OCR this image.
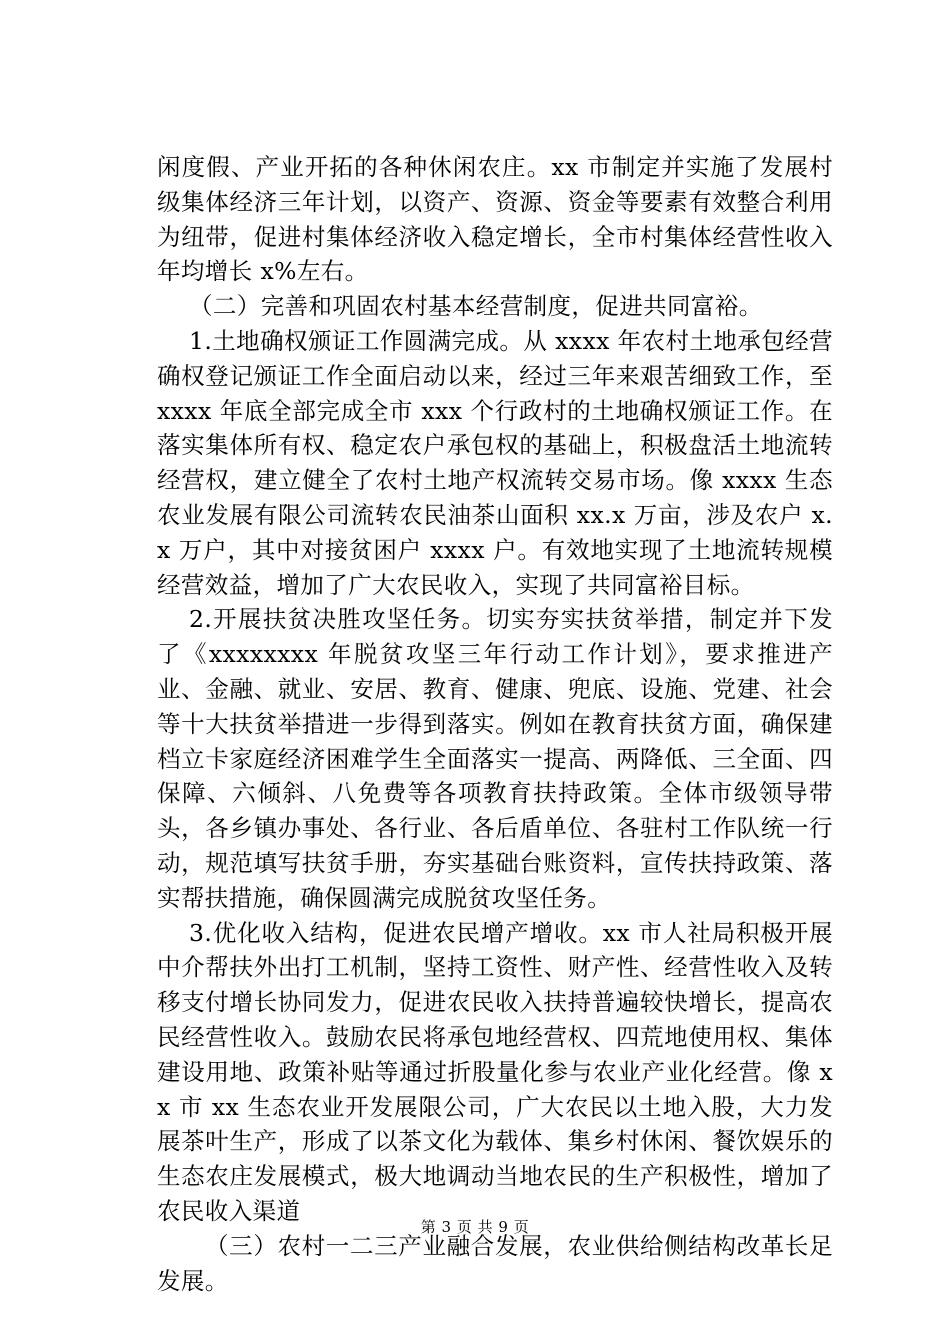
闲度假、产业开拓的各种休闲农庄。xx 市制定并实施了发展村级集体经济三年计划，以资产、资源、资金等要素有效整合利用为纽带，促进村集体经济收入稳定增长，全市村集体经营性收入年均增长 x%左右。

（二）完善和巩固农村基本经营制度，促进共同富裕。

1.土地确权颁证工作圆满完成。从 xxxx 年农村土地承包经营确权登记颁证工作全面启动以来，经过三年来艰苦细致工作，至 xxxx 年底全部完成全市 xxx 个行政村的土地确权颁证工作。在落实集体所有权、稳定农户承包权的基础上，积极盘活土地流转经营权，建立健全了农村土地产权流转交易市场。像 xxxx 生态农业发展有限公司流转农民油茶山面积 xx.x 万亩，涉及农户 x.x 万户，其中对接贫困户 xxxx 户。有效地实现了土地流转规模经营效益，增加了广大农民收入，实现了共同富裕目标。

2.开展扶贫决胜攻坚任务。切实夯实扶贫举措，制定并下发了《xxxxxxxx 年脱贫攻坚三年行动工作计划》，要求推进产业、金融、就业、安居、教育、健康、兜底、设施、党建、社会等十大扶贫举措进一步得到落实。例如在教育扶贫方面，确保建档立卡家庭经济困难学生全面落实一提高、两降低、三全面、四保障、六倾斜、八免费等各项教育扶持政策。全体市级领导带头，各乡镇办事处、各行业、各后盾单位、各驻村工作队统一行动，规范填写扶贫手册，夯实基础台账资料，宣传扶持政策、落实帮扶措施，确保圆满完成脱贫攻坚任务。

3.优化收入结构，促进农民增产增收。xx 市人社局积极开展中介帮扶外出打工机制，坚持工资性、财产性、经营性收入及转移支付增长协同发力，促进农民收入扶持普遍较快增长，提高农民经营性收入。鼓励农民将承包地经营权、四荒地使用权、集体建设用地、政策补贴等通过折股量化参与农业产业化经营。像 xx 市 xx 生态农业开发展限公司，广大农民以土地入股，大力发展茶叶生产，形成了以茶文化为载体、集乡村休闲、餐饮娱乐的生态农庄发展模式，极大地调动当地农民的生产积极性，增加了农民收入渠道

（三）农村一二三产业融合发展，农业供给侧结构改革长足发展。

第 3 页 共 9 页
